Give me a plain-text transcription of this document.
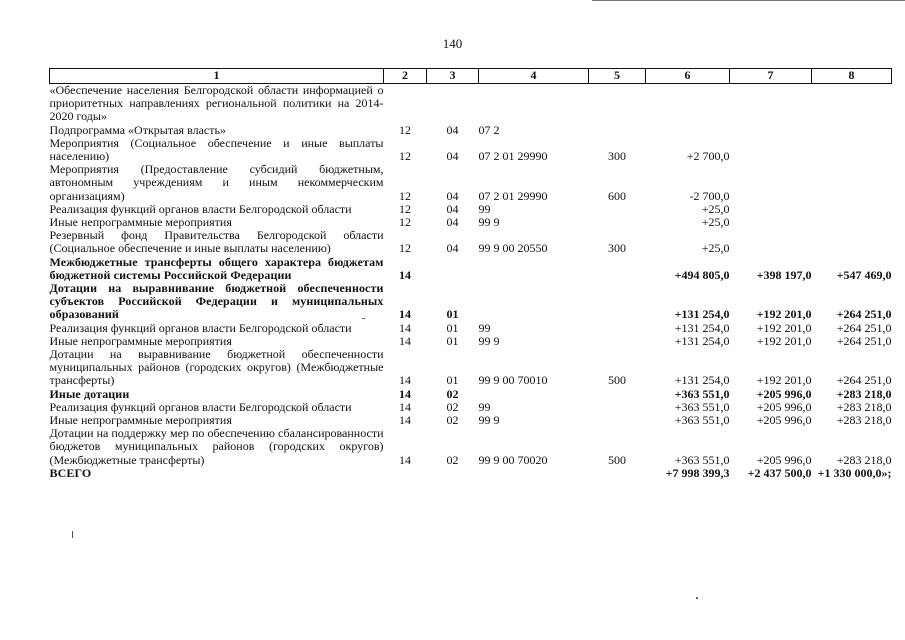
140
1	2	3	4	5	6	7	8
«Обеспечение населения Белгородской области информацией о приоритетных направлениях региональной политики на 2014-2020 годы»							
Подпрограмма «Открытая власть»	12	04	07 2				
Мероприятия (Социальное обеспечение и иные выплаты населению)	12	04	07 2 01 29990	300	+2 700,0		
Мероприятия (Предоставление субсидий бюджетным, автономным учреждениям и иным некоммерческим организациям)	12	04	07 2 01 29990	600	-2 700,0		
Реализация функций органов власти Белгородской области	12	04	99		+25,0		
Иные непрограммные мероприятия	12	04	99 9		+25,0		
Резервный фонд Правительства Белгородской области (Социальное обеспечение и иные выплаты населению)	12	04	99 9 00 20550	300	+25,0		
Межбюджетные трансферты общего характера бюджетам бюджетной системы Российской Федерации	14				+494 805,0	+398 197,0	+547 469,0
Дотации на выравнивание бюджетной обеспеченности субъектов Российской Федерации и муниципальных образований	14	01			+131 254,0	+192 201,0	+264 251,0
Реализация функций органов власти Белгородской области	14	01	99		+131 254,0	+192 201,0	+264 251,0
Иные непрограммные мероприятия	14	01	99 9		+131 254,0	+192 201,0	+264 251,0
Дотации на выравнивание бюджетной обеспеченности муниципальных районов (городских округов) (Межбюджетные трансферты)	14	01	99 9 00 70010	500	+131 254,0	+192 201,0	+264 251,0
Иные дотации	14	02			+363 551,0	+205 996,0	+283 218,0
Реализация функций органов власти Белгородской области	14	02	99		+363 551,0	+205 996,0	+283 218,0
Иные непрограммные мероприятия	14	02	99 9		+363 551,0	+205 996,0	+283 218,0
Дотации на поддержку мер по обеспечению сбалансированности бюджетов муниципальных районов (городских округов) (Межбюджетные трансферты)	14	02	99 9 00 70020	500	+363 551,0	+205 996,0	+283 218,0
ВСЕГО					+7 998 399,3	+2 437 500,0	+1 330 000,0»;
